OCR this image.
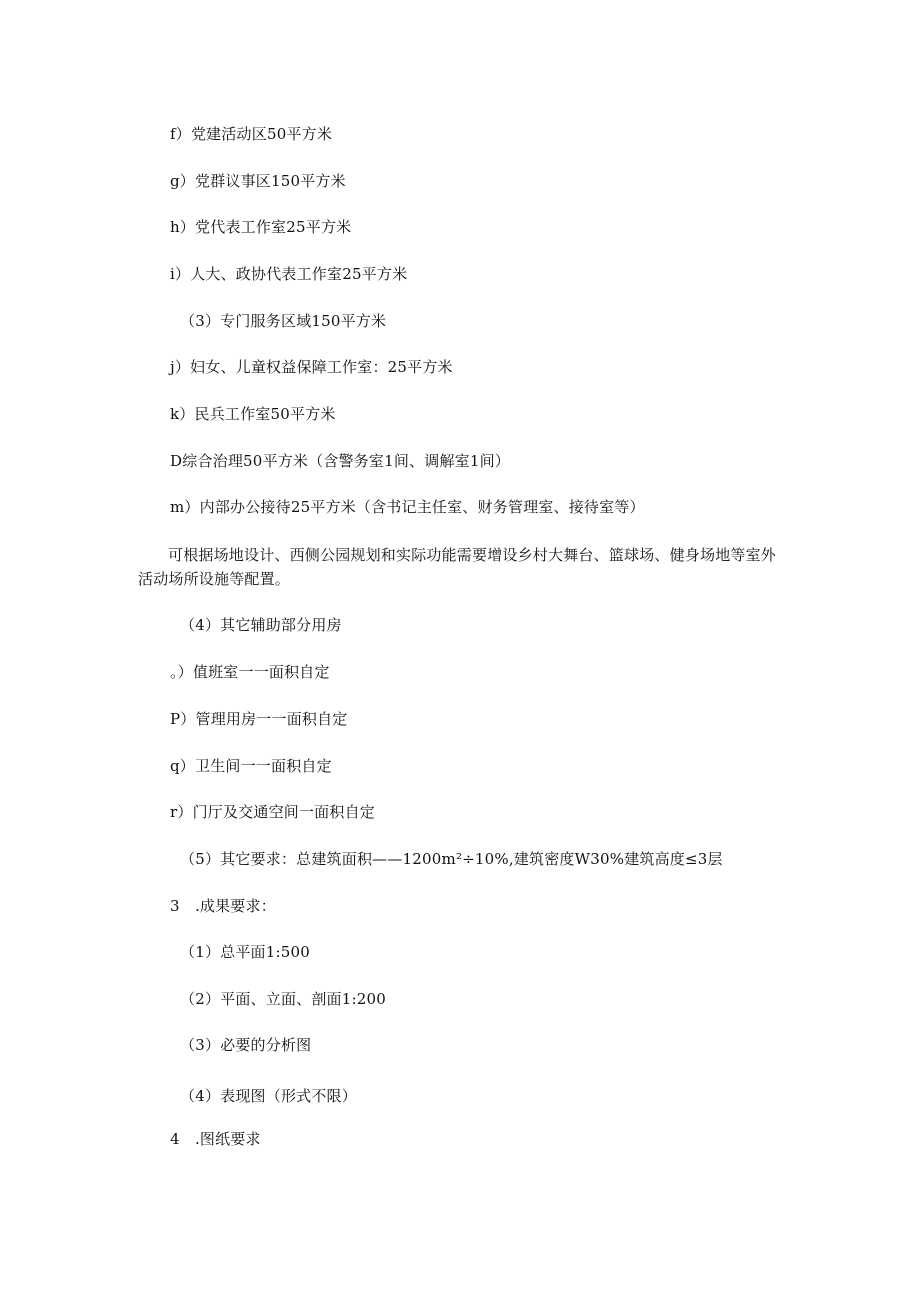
f）党建活动区50平方米
g）党群议事区150平方米
h）党代表工作室25平方米
i）人大、政协代表工作室25平方米
（3）专门服务区域150平方米
j）妇女、儿童权益保障工作室：25平方米
k）民兵工作室50平方米
D综合治理50平方米（含警务室1间、调解室1间）
m）内部办公接待25平方米（含书记主任室、财务管理室、接待室等）
可根据场地设计、西侧公园规划和实际功能需要增设乡村大舞台、篮球场、健身场地等室外活动场所设施等配置。
（4）其它辅助部分用房
。）值班室一一面积自定
P）管理用房一一面积自定
q）卫生间一一面积自定
r）门厅及交通空间一面积自定
（5）其它要求：总建筑面积——1200m²÷10%,建筑密度W30%建筑高度≤3层
3　.成果要求：
（1）总平面1:500
（2）平面、立面、剖面1:200
（3）必要的分析图
（4）表现图（形式不限）
4　.图纸要求
